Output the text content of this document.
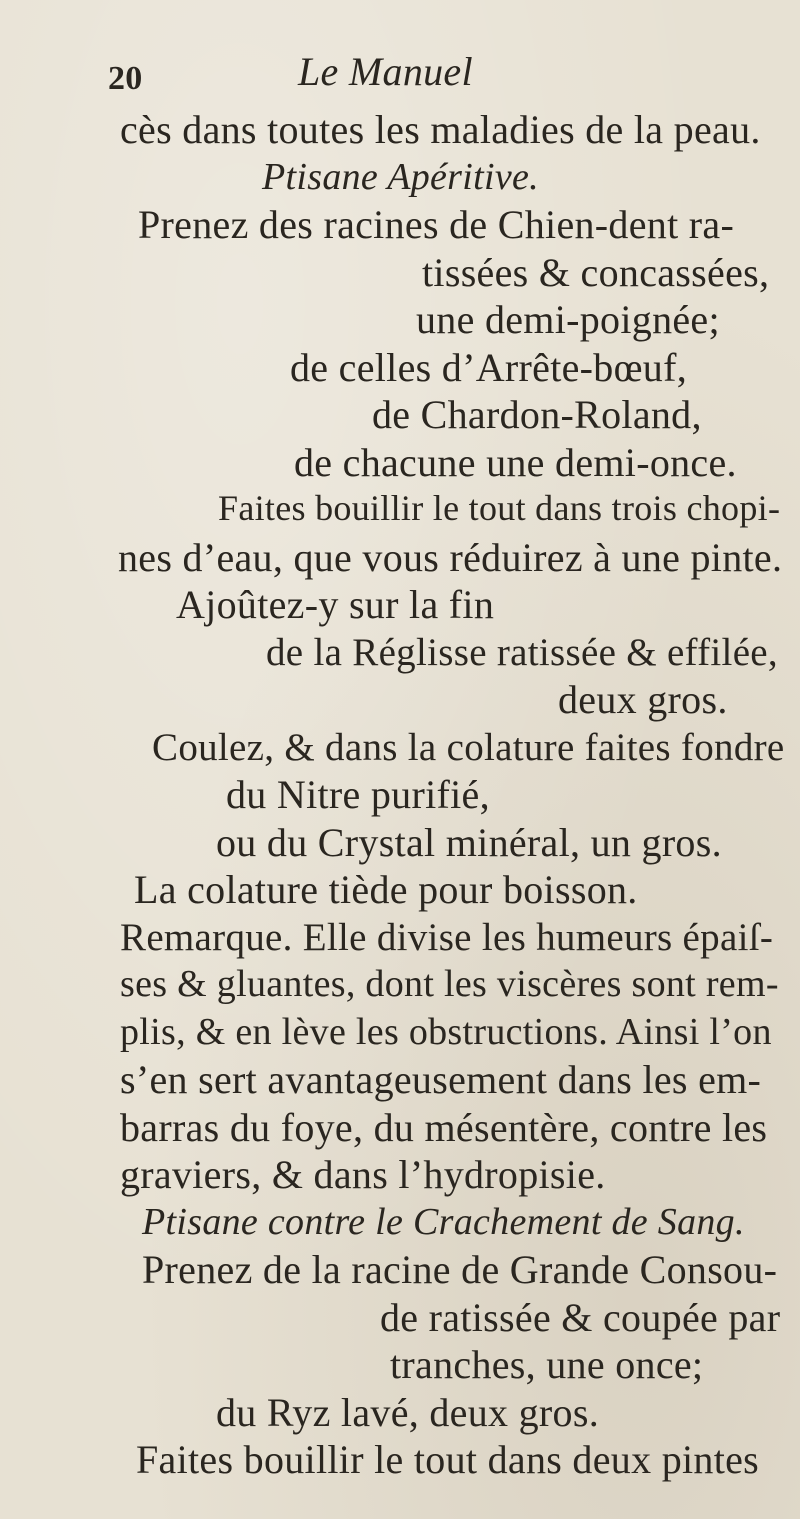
20	Le Manuel
cès dans toutes les maladies de la peau.
Ptisane Apéritive.
Prenez des racines de Chien-dent ra-
tissées & concassées,
une demi-poignée;
de celles d’Arrête-bœuf,
de Chardon-Roland,
de chacune une demi-once.
Faites bouillir le tout dans trois chopi-
nes d’eau, que vous réduirez à une pinte.
Ajoûtez-y sur la fin
de la Réglisse ratissée & effilée,
deux gros.
Coulez, & dans la colature faites fondre
du Nitre purifié,
ou du Crystal minéral, un gros.
La colature tiède pour boisson.
Remarque. Elle divise les humeurs épaiſ-
ses & gluantes, dont les viscères sont rem-
plis, & en lève les obstructions. Ainsi l’on
s’en sert avantageusement dans les em-
barras du foye, du mésentère, contre les
graviers, & dans l’hydropisie.
Ptisane contre le Crachement de Sang.
Prenez de la racine de Grande Consou-
de ratissée & coupée par
tranches, une once;
du Ryz lavé, deux gros.
Faites bouillir le tout dans deux pintes
